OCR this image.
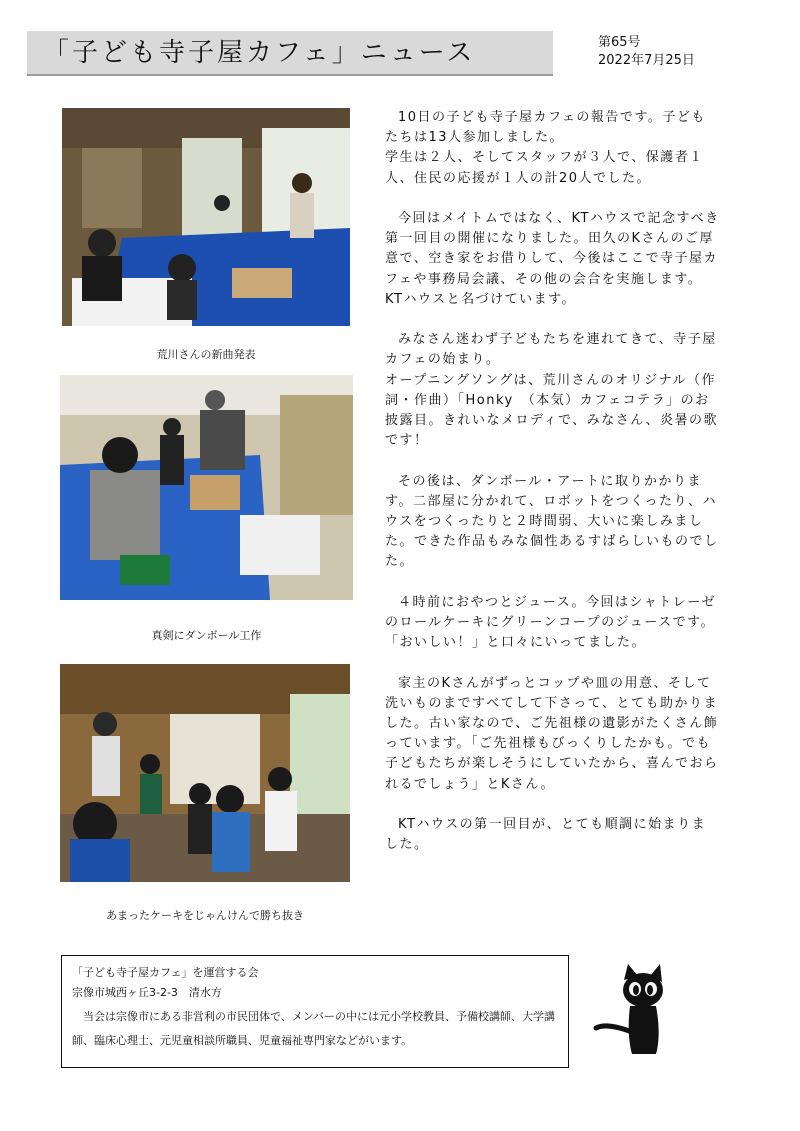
「子ども寺子屋カフェ」ニュース	第65号
2022年7月25日
荒川さんの新曲発表
真剣にダンボール工作
あまったケーキをじゃんけんで勝ち抜き

10日の子ども寺子屋カフェの報告です。子どもたちは13人参加しました。
学生は２人、そしてスタッフが３人で、保護者１人、住民の応援が１人の計20人でした。

今回はメイトムではなく、KTハウスで記念すべき第一回目の開催になりました。田久のKさんのご厚意で、空き家をお借りして、今後はここで寺子屋カフェや事務局会議、その他の会合を実施します。KTハウスと名づけています。

みなさん迷わず子どもたちを連れてきて、寺子屋カフェの始まり。
オープニングソングは、荒川さんのオリジナル（作詞・作曲）「Honky　（本気）カフェコテラ」のお披露目。きれいなメロディで、みなさん、炎暑の歌です！

その後は、ダンボール・アートに取りかかります。二部屋に分かれて、ロボットをつくったり、ハウスをつくったりと２時間弱、大いに楽しみました。できた作品もみな個性あるすばらしいものでした。

４時前におやつとジュース。今回はシャトレーゼのロールケーキにグリーンコープのジュースです。「おいしい！」と口々にいってました。

家主のKさんがずっとコップや皿の用意、そして洗いものまですべてして下さって、とても助かりました。古い家なので、ご先祖様の遺影がたくさん飾っています。「ご先祖様もびっくりしたかも。でも子どもたちが楽しそうにしていたから、喜んでおられるでしょう」とKさん。

KTハウスの第一回目が、とても順調に始まりました。

「子ども寺子屋カフェ」を運営する会
宗像市城西ヶ丘3-2-3　清水方
当会は宗像市にある非営利の市民団体で、メンバーの中には元小学校教員、予備校講師、大学講師、臨床心理士、元児童相談所職員、児童福祉専門家などがいます。
